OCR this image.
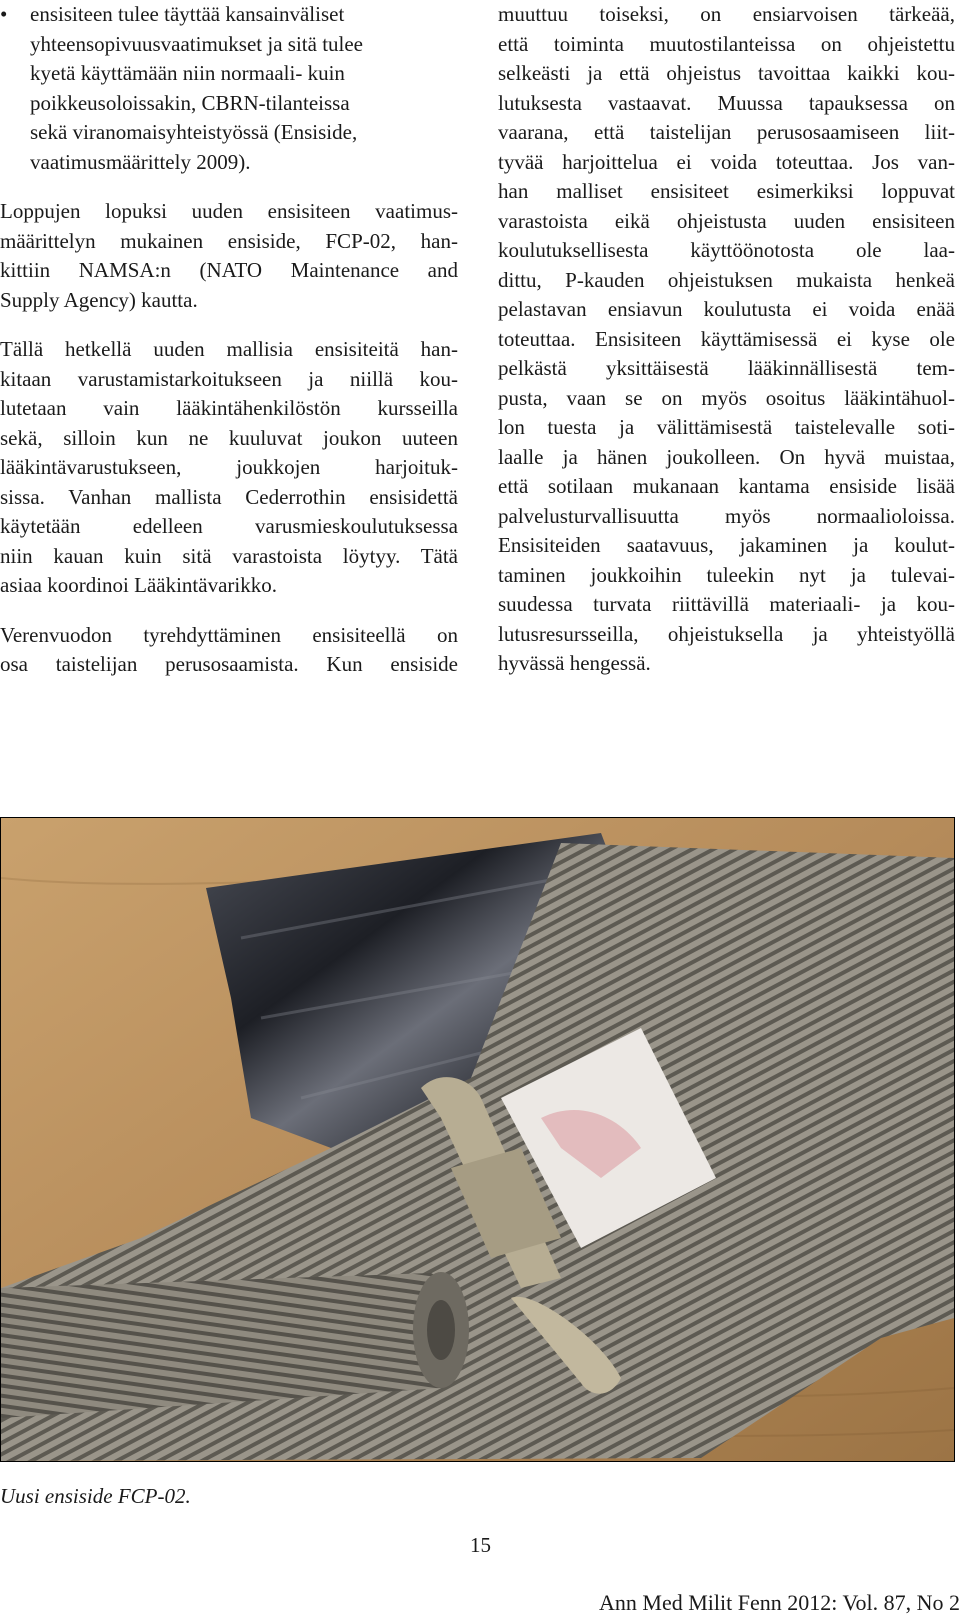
• ensisiteen tulee täyttää kansainväliset
yhteensopivuusvaatimukset ja sitä tulee
kyetä käyttämään niin normaali- kuin
poikkeusoloissakin, CBRN-tilanteissa
sekä viranomaisyhteistyössä (Ensiside,
vaatimusmäärittely 2009).

Loppujen lopuksi uuden ensisiteen vaatimus-
määrittelyn mukainen ensiside, FCP-02, han-
kittiin NAMSA:n (NATO Maintenance and
Supply Agency) kautta.

Tällä hetkellä uuden mallisia ensisiteitä han-
kitaan varustamistarkoitukseen ja niillä kou-
lutetaan vain lääkintähenkilöstön kursseilla
sekä, silloin kun ne kuuluvat joukon uuteen
lääkintävarustukseen, joukkojen harjoituk-
sissa. Vanhan mallista Cederrothin ensisidettä
käytetään edelleen varusmieskoulutuksessa
niin kauan kuin sitä varastoista löytyy. Tätä
asiaa koordinoi Lääkintävarikko.

Verenvuodon tyrehdyttäminen ensisiteellä on
osa taistelijan perusosaamista. Kun ensiside

muuttuu toiseksi, on ensiarvoisen tärkeää,
että toiminta muutostilanteissa on ohjeistettu
selkeästi ja että ohjeistus tavoittaa kaikki kou-
lutuksesta vastaavat. Muussa tapauksessa on
vaarana, että taistelijan perusosaamiseen liit-
tyvää harjoittelua ei voida toteuttaa. Jos van-
han malliset ensisiteet esimerkiksi loppuvat
varastoista eikä ohjeistusta uuden ensisiteen
koulutuksellisesta käyttöönotosta ole laa-
dittu, P-kauden ohjeistuksen mukaista henkeä
pelastavan ensiavun koulutusta ei voida enää
toteuttaa. Ensisiteen käyttämisessä ei kyse ole
pelkästä yksittäisestä lääkinnällisestä tem-
pusta, vaan se on myös osoitus lääkintähuol-
lon tuesta ja välittämisestä taistelevalle soti-
laalle ja hänen joukolleen. On hyvä muistaa,
että sotilaan mukanaan kantama ensiside lisää
palvelusturvallisuutta myös normaalioloissa.
Ensisiteiden saatavuus, jakaminen ja koulut-
taminen joukkoihin tuleekin nyt ja tulevai-
suudessa turvata riittävillä materiaali- ja kou-
lutusresursseilla, ohjeistuksella ja yhteistyöllä
hyvässä hengessä.
Uusi ensiside FCP-02.
15
Ann Med Milit Fenn 2012: Vol. 87, No 2
